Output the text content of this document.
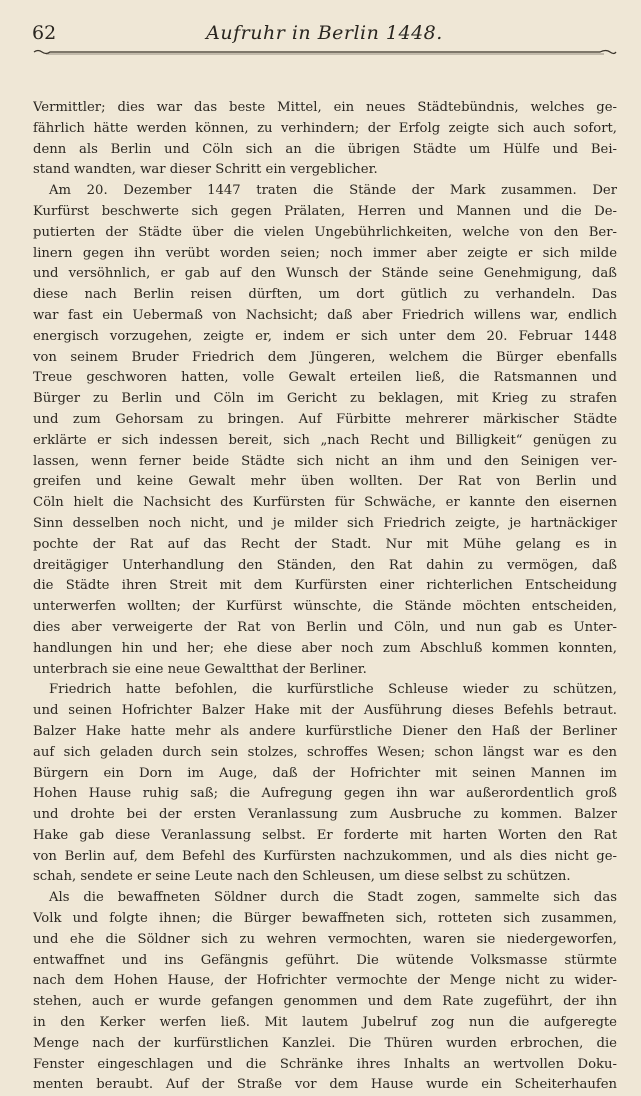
62	Aufruhr in Berlin 1448.
Vermittler; dies war das beste Mittel, ein neues Städtebündnis, welches ge-
fährlich hätte werden können, zu verhindern; der Erfolg zeigte sich auch sofort,
denn als Berlin und Cöln sich an die übrigen Städte um Hülfe und Bei-
stand wandten, war dieser Schritt ein vergeblicher.
Am 20. Dezember 1447 traten die Stände der Mark zusammen. Der
Kurfürst beschwerte sich gegen Prälaten, Herren und Mannen und die De-
putierten der Städte über die vielen Ungebührlichkeiten, welche von den Ber-
linern gegen ihn verübt worden seien; noch immer aber zeigte er sich milde
und versöhnlich, er gab auf den Wunsch der Stände seine Genehmigung, daß
diese nach Berlin reisen dürften, um dort gütlich zu verhandeln. Das
war fast ein Uebermaß von Nachsicht; daß aber Friedrich willens war, endlich
energisch vorzugehen, zeigte er, indem er sich unter dem 20. Februar 1448
von seinem Bruder Friedrich dem Jüngeren, welchem die Bürger ebenfalls
Treue geschworen hatten, volle Gewalt erteilen ließ, die Ratsmannen und
Bürger zu Berlin und Cöln im Gericht zu beklagen, mit Krieg zu strafen
und zum Gehorsam zu bringen. Auf Fürbitte mehrerer märkischer Städte
erklärte er sich indessen bereit, sich „nach Recht und Billigkeit“ genügen zu
lassen, wenn ferner beide Städte sich nicht an ihm und den Seinigen ver-
greifen und keine Gewalt mehr üben wollten. Der Rat von Berlin und
Cöln hielt die Nachsicht des Kurfürsten für Schwäche, er kannte den eisernen
Sinn desselben noch nicht, und je milder sich Friedrich zeigte, je hartnäckiger
pochte der Rat auf das Recht der Stadt. Nur mit Mühe gelang es in
dreitägiger Unterhandlung den Ständen, den Rat dahin zu vermögen, daß
die Städte ihren Streit mit dem Kurfürsten einer richterlichen Entscheidung
unterwerfen wollten; der Kurfürst wünschte, die Stände möchten entscheiden,
dies aber verweigerte der Rat von Berlin und Cöln, und nun gab es Unter-
handlungen hin und her; ehe diese aber noch zum Abschluß kommen konnten,
unterbrach sie eine neue Gewaltthat der Berliner.
Friedrich hatte befohlen, die kurfürstliche Schleuse wieder zu schützen,
und seinen Hofrichter Balzer Hake mit der Ausführung dieses Befehls betraut.
Balzer Hake hatte mehr als andere kurfürstliche Diener den Haß der Berliner
auf sich geladen durch sein stolzes, schroffes Wesen; schon längst war es den
Bürgern ein Dorn im Auge, daß der Hofrichter mit seinen Mannen im
Hohen Hause ruhig saß; die Aufregung gegen ihn war außerordentlich groß
und drohte bei der ersten Veranlassung zum Ausbruche zu kommen. Balzer
Hake gab diese Veranlassung selbst. Er forderte mit harten Worten den Rat
von Berlin auf, dem Befehl des Kurfürsten nachzukommen, und als dies nicht ge-
schah, sendete er seine Leute nach den Schleusen, um diese selbst zu schützen.
Als die bewaffneten Söldner durch die Stadt zogen, sammelte sich das
Volk und folgte ihnen; die Bürger bewaffneten sich, rotteten sich zusammen,
und ehe die Söldner sich zu wehren vermochten, waren sie niedergeworfen,
entwaffnet und ins Gefängnis geführt. Die wütende Volksmasse stürmte
nach dem Hohen Hause, der Hofrichter vermochte der Menge nicht zu wider-
stehen, auch er wurde gefangen genommen und dem Rate zugeführt, der ihn
in den Kerker werfen ließ. Mit lautem Jubelruf zog nun die aufgeregte
Menge nach der kurfürstlichen Kanzlei. Die Thüren wurden erbrochen, die
Fenster eingeschlagen und die Schränke ihres Inhalts an wertvollen Doku-
menten beraubt. Auf der Straße vor dem Hause wurde ein Scheiterhaufen
